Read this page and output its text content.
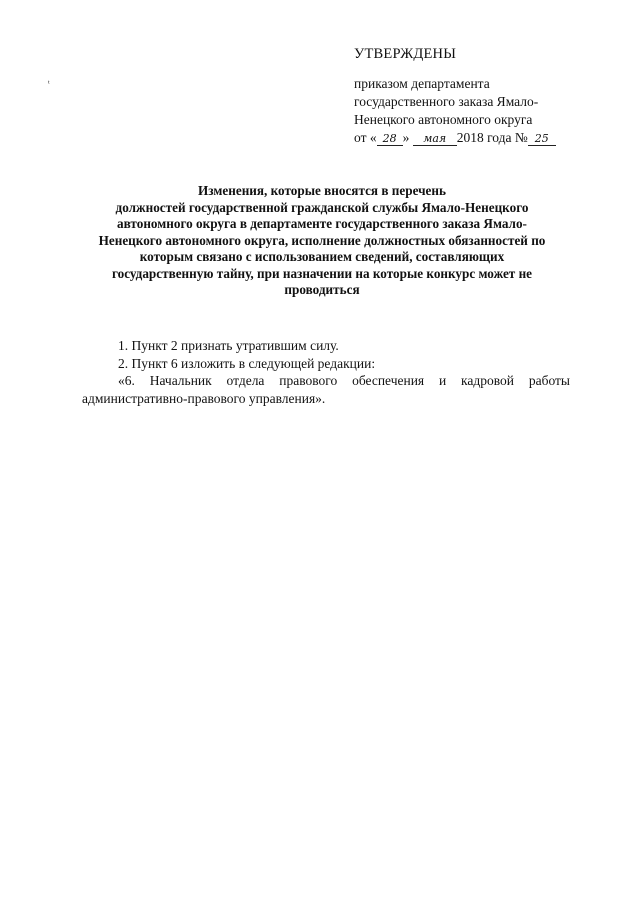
ᵗ
УТВЕРЖДЕНЫ
приказом департамента
государственного заказа Ямало-
Ненецкого автономного округа
от « 28 » мая 2018 года № 25
Изменения, которые вносятся в перечень
должностей государственной гражданской службы Ямало-Ненецкого
автономного округа в департаменте государственного заказа Ямало-
Ненецкого автономного округа, исполнение должностных обязанностей по
которым связано с использованием сведений, составляющих
государственную тайну, при назначении на которые конкурс может не
проводиться

1. Пункт 2 признать утратившим силу.

2. Пункт 6 изложить в следующей редакции:

«6. Начальник отдела правового обеспечения и кадровой работы

административно-правового управления».
